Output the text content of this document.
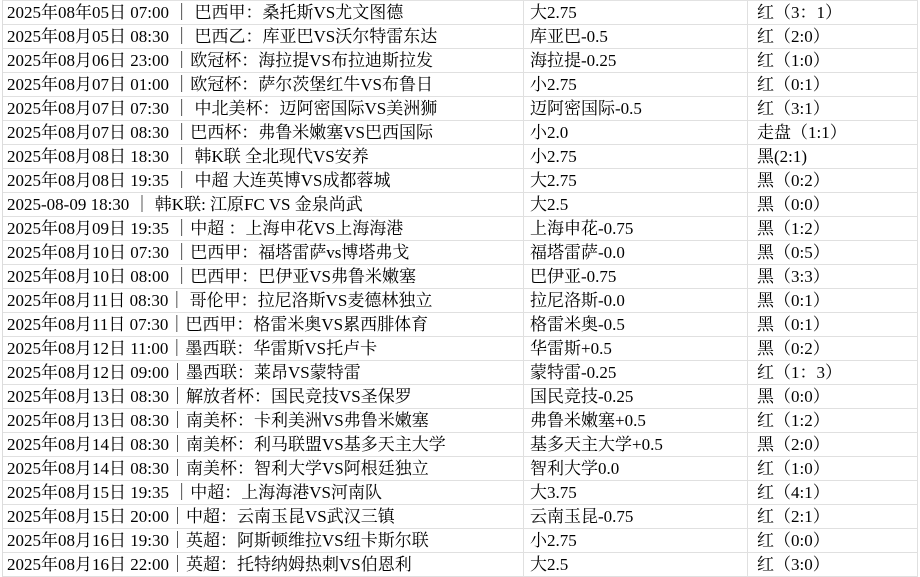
2025年08年05日 07:00 ｜ 巴西甲：桑托斯VS尤文图德	大2.75	红（3：1）
2025年08月05日 08:30 ｜ 巴西乙：库亚巴VS沃尔特雷东达	库亚巴-0.5	红（2:0）
2025年08月06日 23:00 ｜欧冠杯：海拉提VS布拉迪斯拉发	海拉提-0.25	红（1:0）
2025年08月07日 01:00 ｜欧冠杯：萨尔茨堡红牛VS布鲁日	小2.75	红（0:1）
2025年08月07日 07:30 ｜ 中北美杯：迈阿密国际VS美洲狮	迈阿密国际-0.5	红（3:1）
2025年08月07日 08:30 ｜巴西杯：弗鲁米嫩塞VS巴西国际	小2.0	走盘（1:1）
2025年08月08日 18:30 ｜ 韩K联 全北现代VS安养	小2.75	黑(2:1)
2025年08月08日 19:35 ｜ 中超 大连英博VS成都蓉城	大2.75	黑（0:2）
2025-08-09 18:30 ｜ 韩K联: 江原FC VS 金泉尚武	大2.5	黑（0:0）
2025年08月09日 19:35 ｜中超 ：上海申花VS上海海港	上海申花-0.75	黑（1:2）
2025年08月10日 07:30 ｜巴西甲：福塔雷萨vs博塔弗戈	福塔雷萨-0.0	黑（0:5）
2025年08月10日 08:00 ｜巴西甲：巴伊亚VS弗鲁米嫩塞	巴伊亚-0.75	黑（3:3）
2025年08月11日 08:30｜ 哥伦甲：拉尼洛斯VS麦德林独立	拉尼洛斯-0.0	黑（0:1）
2025年08月11日 07:30｜巴西甲：格雷米奥VS累西腓体育	格雷米奥-0.5	黑（0:1）
2025年08月12日 11:00｜墨西联：华雷斯VS托卢卡	华雷斯+0.5	黑（0:2）
2025年08月12日 09:00｜墨西联：莱昂VS蒙特雷	蒙特雷-0.25	红（1：3）
2025年08月13日 08:30｜解放者杯：国民竞技VS圣保罗	国民竞技-0.25	黑（0:0）
2025年08月13日 08:30｜南美杯：卡利美洲VS弗鲁米嫩塞	弗鲁米嫩塞+0.5	红（1:2）
2025年08月14日 08:30｜南美杯：利马联盟VS基多天主大学	基多天主大学+0.5	黑（2:0）
2025年08月14日 08:30｜南美杯：智利大学VS阿根廷独立	智利大学0.0	红（1:0）
2025年08月15日 19:35 ｜中超：上海海港VS河南队	大3.75	红（4:1）
2025年08月15日 20:00｜中超：云南玉昆VS武汉三镇	云南玉昆-0.75	红（2:1）
2025年08月16日 19:30｜英超：阿斯顿维拉VS纽卡斯尔联	小2.75	红（0:0）
2025年08月16日 22:00｜英超：托特纳姆热刺VS伯恩利	大2.5	红（3:0）
